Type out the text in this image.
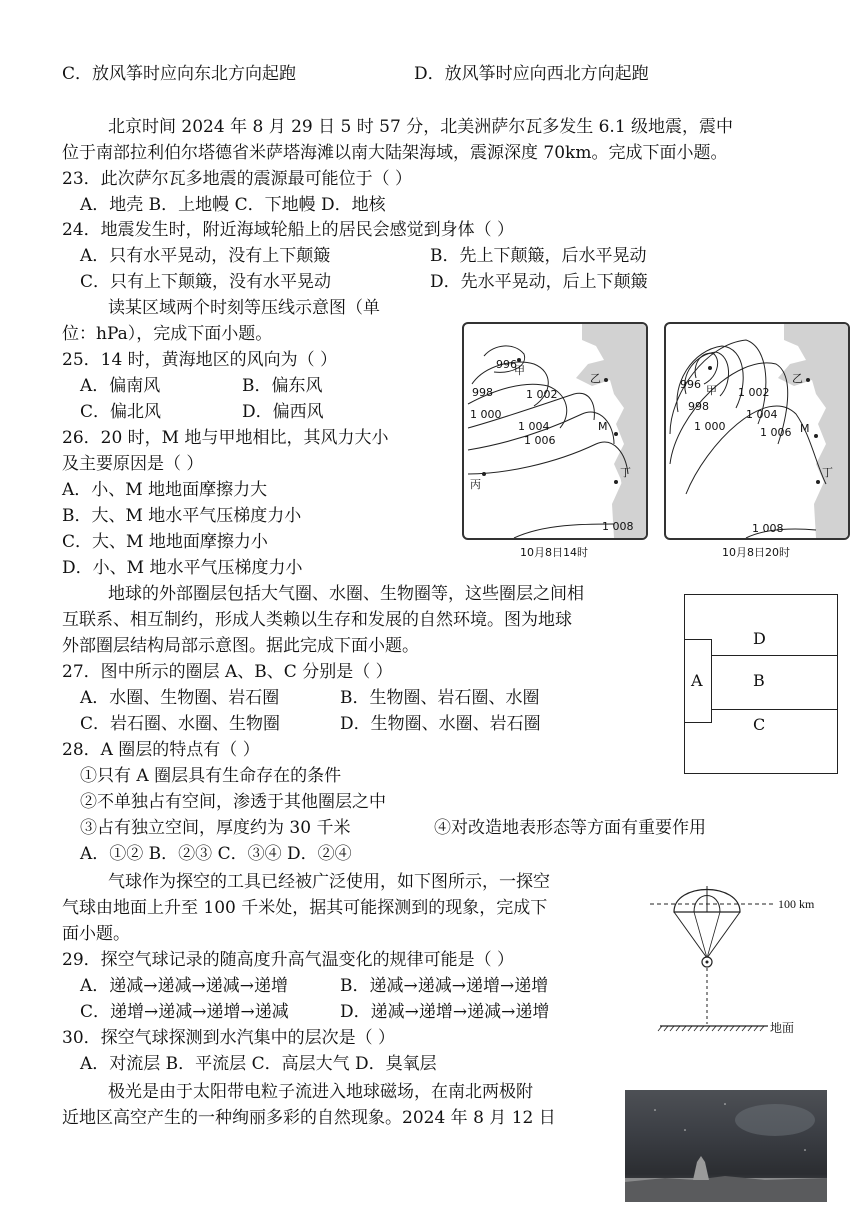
C．放风筝时应向东北方向起跑	D．放风筝时应向西北方向起跑
北京时间 2024 年 8 月 29 日 5 时 57 分，北美洲萨尔瓦多发生 6.1 级地震，震中
位于南部拉利伯尔塔德省米萨塔海滩以南大陆架海域，震源深度 70km。完成下面小题。
23．此次萨尔瓦多地震的震源最可能位于（ ）
A．地壳 B．上地幔 C．下地幔 D．地核
24．地震发生时，附近海域轮船上的居民会感觉到身体（ ）
A．只有水平晃动，没有上下颠簸	B．先上下颠簸，后水平晃动
C．只有上下颠簸，没有水平晃动	D．先水平晃动，后上下颠簸
读某区域两个时刻等压线示意图（单
位：hPa），完成下面小题。
25．14 时，黄海地区的风向为（ ）
A．偏南风	B．偏东风
C．偏北风	D．偏西风
26．20 时，M 地与甲地相比，其风力大小
及主要原因是（ ）
A．小、M 地地面摩擦力大
B．大、M 地水平气压梯度力小
C．大、M 地地面摩擦力小
D．小、M 地水平气压梯度力小
地球的外部圈层包括大气圈、水圈、生物圈等，这些圈层之间相
互联系、相互制约，形成人类赖以生存和发展的自然环境。图为地球
外部圈层结构局部示意图。据此完成下面小题。
27．图中所示的圈层 A、B、C 分别是（ ）
A．水圈、生物圈、岩石圈	B．生物圈、岩石圈、水圈
C．岩石圈、水圈、生物圈	D．生物圈、水圈、岩石圈
28．A 圈层的特点有（ ）
①只有 A 圈层具有生命存在的条件
②不单独占有空间，渗透于其他圈层之中
③占有独立空间，厚度约为 30 千米	④对改造地表形态等方面有重要作用
A．①② B．②③ C．③④ D．②④
气球作为探空的工具已经被广泛使用，如下图所示，一探空
气球由地面上升至 100 千米处，据其可能探测到的现象，完成下
面小题。
29．探空气球记录的随高度升高气温变化的规律可能是（ ）
A．递减→递减→递减→递增	B．递减→递减→递增→递增
C．递增→递减→递增→递减	D．递减→递增→递减→递增
30．探空气球探测到水汽集中的层次是（ ）
A．对流层 B．平流层 C．高层大气 D．臭氧层
极光是由于太阳带电粒子流进入地球磁场，在南北两极附
近地区高空产生的一种绚丽多彩的自然现象。2024 年 8 月 12 日
996
998
1 000
1 002
1 004
1 006
1 008
甲
乙
M
丙
丁
10月8日14时
996
998
1 000
1 002
1 004
1 006
1 008
甲
乙
M
丁
10月8日20时
D
A	B
C
100 km
地面
